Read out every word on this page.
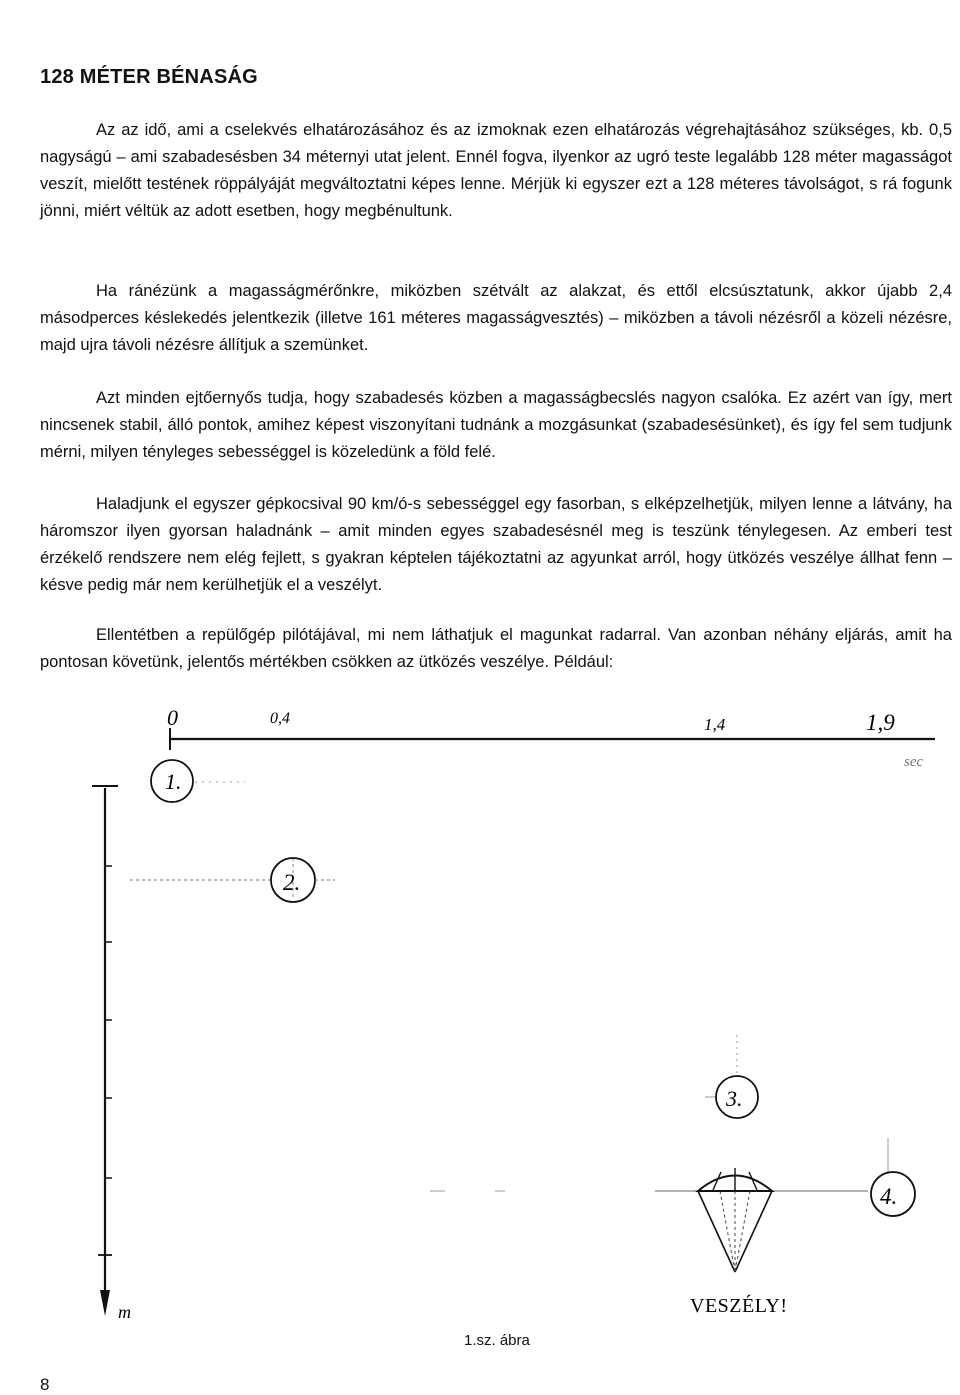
128 MÉTER BÉNASÁG

Az az idő, ami a cselekvés elhatározásához és az izmoknak ezen elhatározás végrehajtásához szükséges, kb. 0,5 nagyságú – ami szabadesésben 34 méternyi utat jelent. Ennél fogva, ilyenkor az ugró teste legalább 128 méter magasságot veszít, mielőtt testének röppályáját megváltoztatni képes lenne. Mérjük ki egyszer ezt a 128 méteres távolságot, s rá fogunk jönni, miért véltük az adott esetben, hogy megbénultunk.

Ha ránézünk a magasságmérőnkre, miközben szétvált az alakzat, és ettől elcsúsztatunk, akkor újabb 2,4 másodperces késlekedés jelentkezik (illetve 161 méteres magasságvesztés) – miközben a távoli nézésről a közeli nézésre, majd ujra távoli nézésre állítjuk a szemünket.

Azt minden ejtőernyős tudja, hogy szabadesés közben a magasságbecslés nagyon csalóka. Ez azért van így, mert nincsenek stabil, álló pontok, amihez képest viszonyítani tudnánk a mozgásunkat (szabadesésünket), és így fel sem tudjunk mérni, milyen tényleges sebességgel is közeledünk a föld felé.

Haladjunk el egyszer gépkocsival 90 km/ó-s sebességgel egy fasorban, s elképzelhetjük, milyen lenne a látvány, ha háromszor ilyen gyorsan haladnánk – amit minden egyes szabadesésnél meg is teszünk ténylegesen. Az emberi test érzékelő rendszere nem elég fejlett, s gyakran képtelen tájékoztatni az agyunkat arról, hogy ütközés veszélye állhat fenn – késve pedig már nem kerülhetjük el a veszélyt.

Ellentétben a repülőgép pilótájával, mi nem láthatjuk el magunkat radarral. Van azonban néhány eljárás, amit ha pontosan követünk, jelentős mértékben csökken az ütközés veszélye. Például:

0	0,4	1,4	1,9
sec
m
1.
2.
3.
4.
VESZÉLY!

1.sz. ábra

8
